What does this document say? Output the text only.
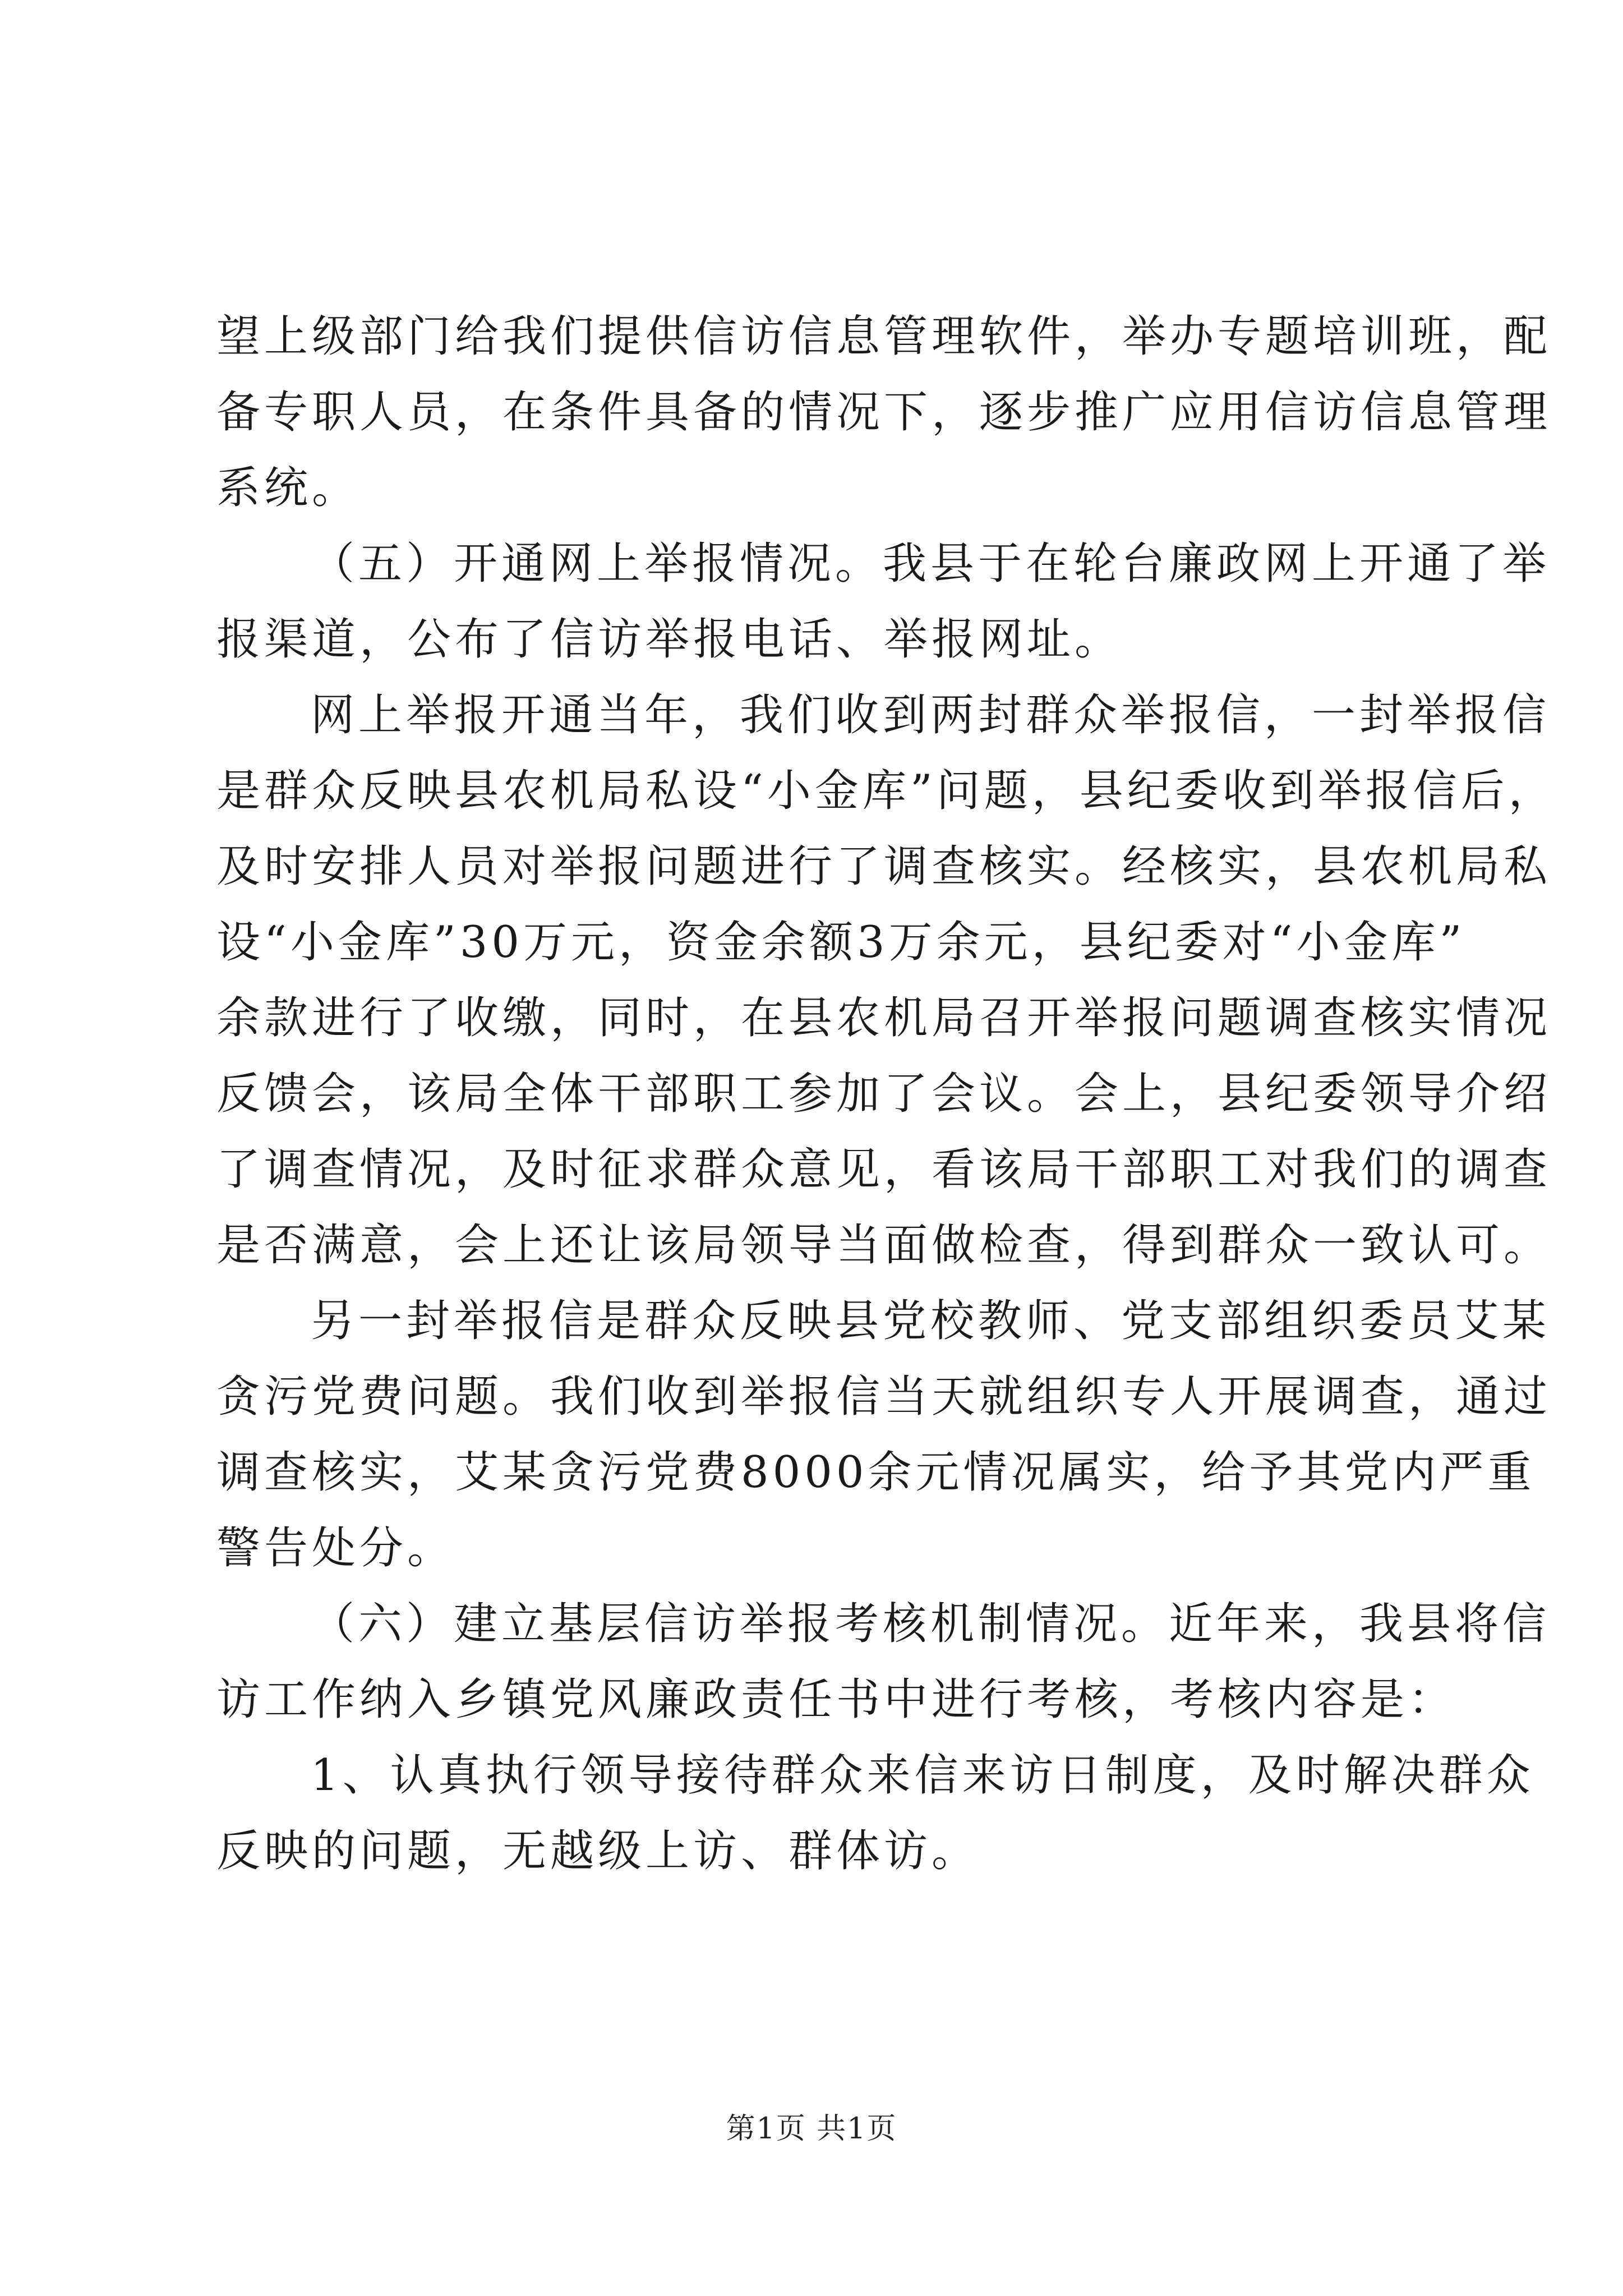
望上级部门给我们提供信访信息管理软件，举办专题培训班，配
备专职人员，在条件具备的情况下，逐步推广应用信访信息管理
系统。
（五）开通网上举报情况。我县于在轮台廉政网上开通了举
报渠道，公布了信访举报电话、举报网址。
网上举报开通当年，我们收到两封群众举报信，一封举报信
是群众反映县农机局私设“小金库”问题，县纪委收到举报信后，
及时安排人员对举报问题进行了调查核实。经核实，县农机局私
设“小金库”30万元，资金余额3万余元，县纪委对“小金库”
余款进行了收缴，同时，在县农机局召开举报问题调查核实情况
反馈会，该局全体干部职工参加了会议。会上，县纪委领导介绍
了调查情况，及时征求群众意见，看该局干部职工对我们的调查
是否满意，会上还让该局领导当面做检查，得到群众一致认可。
另一封举报信是群众反映县党校教师、党支部组织委员艾某
贪污党费问题。我们收到举报信当天就组织专人开展调查，通过
调查核实，艾某贪污党费8000余元情况属实，给予其党内严重
警告处分。
（六）建立基层信访举报考核机制情况。近年来，我县将信
访工作纳入乡镇党风廉政责任书中进行考核，考核内容是：
1、认真执行领导接待群众来信来访日制度，及时解决群众
反映的问题，无越级上访、群体访。
第1页 共1页
